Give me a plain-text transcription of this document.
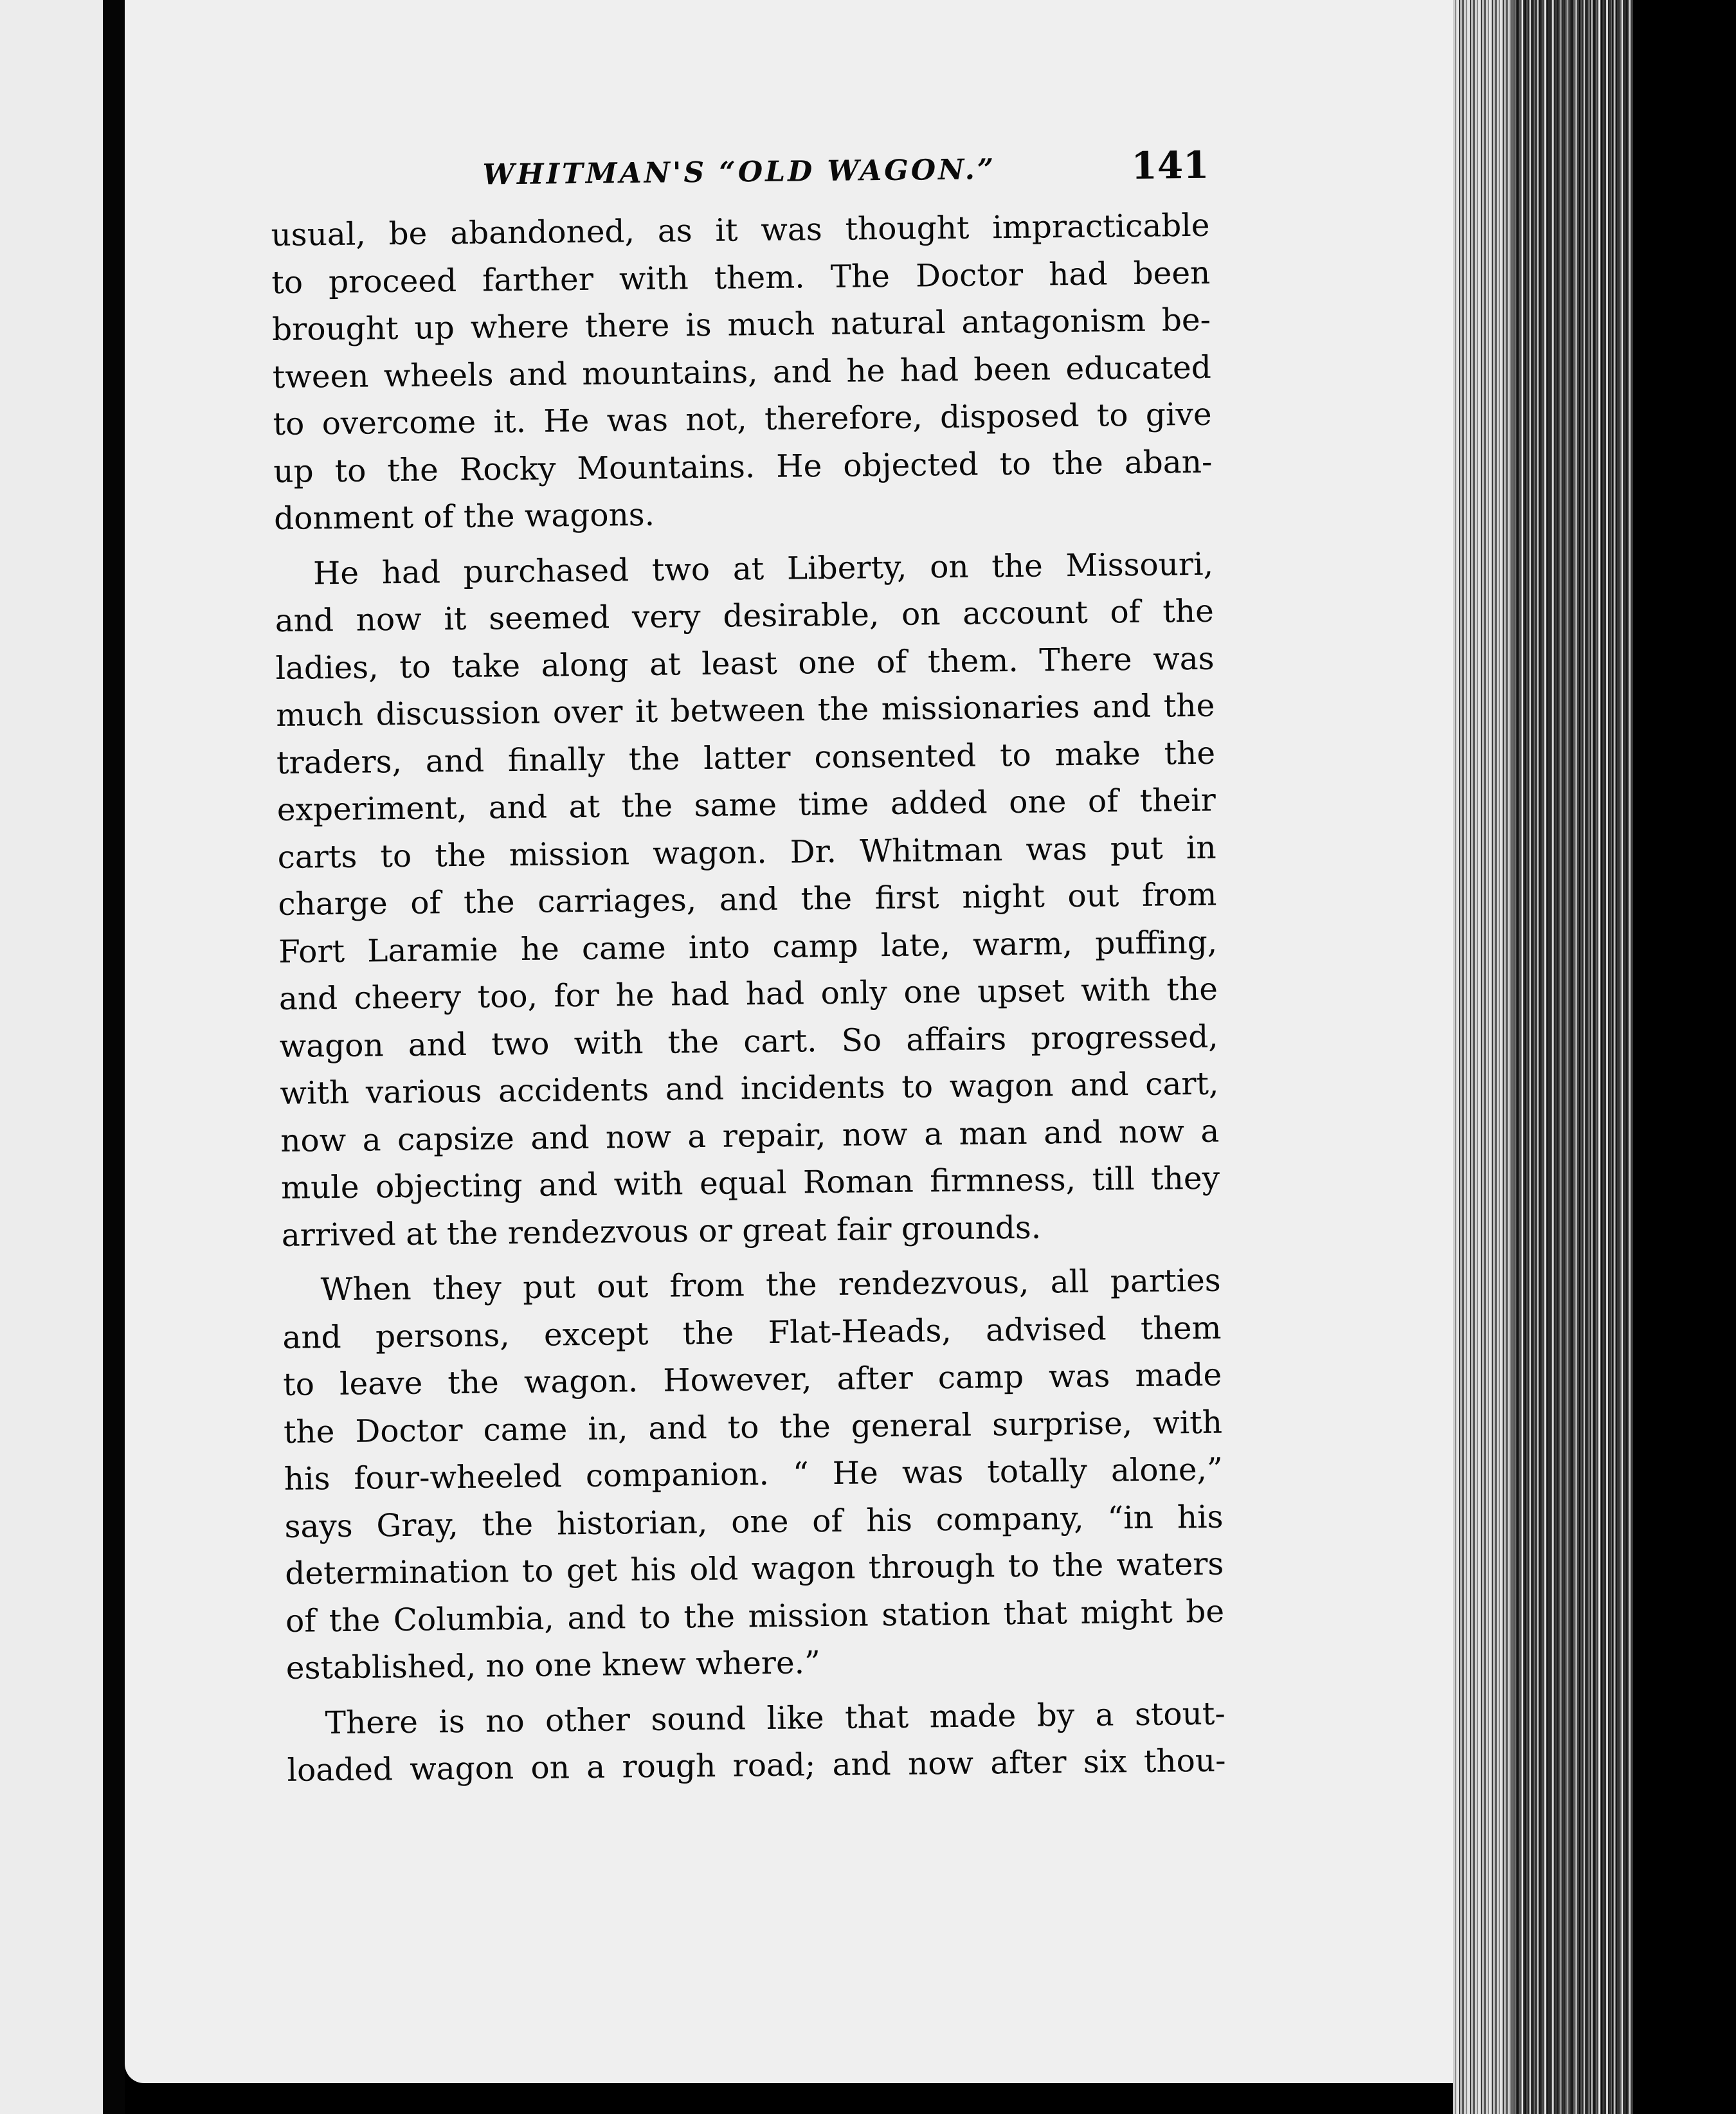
WHITMAN'S “OLD WAGON.”	141
usual, be abandoned, as it was thought impracticable
to proceed farther with them. The Doctor had been
brought up where there is much natural antagonism be-
tween wheels and mountains, and he had been educated
to overcome it. He was not, therefore, disposed to give
up to the Rocky Mountains. He objected to the aban-
donment of the wagons.
He had purchased two at Liberty, on the Missouri,
and now it seemed very desirable, on account of the
ladies, to take along at least one of them. There was
much discussion over it between the missionaries and the
traders, and finally the latter consented to make the
experiment, and at the same time added one of their
carts to the mission wagon. Dr. Whitman was put in
charge of the carriages, and the first night out from
Fort Laramie he came into camp late, warm, puffing,
and cheery too, for he had had only one upset with the
wagon and two with the cart. So affairs progressed,
with various accidents and incidents to wagon and cart,
now a capsize and now a repair, now a man and now a
mule objecting and with equal Roman firmness, till they
arrived at the rendezvous or great fair grounds.
When they put out from the rendezvous, all parties
and persons, except the Flat-Heads, advised them
to leave the wagon. However, after camp was made
the Doctor came in, and to the general surprise, with
his four-wheeled companion. “ He was totally alone,”
says Gray, the historian, one of his company, “in his
determination to get his old wagon through to the waters
of the Columbia, and to the mission station that might be
established, no one knew where.”
There is no other sound like that made by a stout-
loaded wagon on a rough road; and now after six thou-
